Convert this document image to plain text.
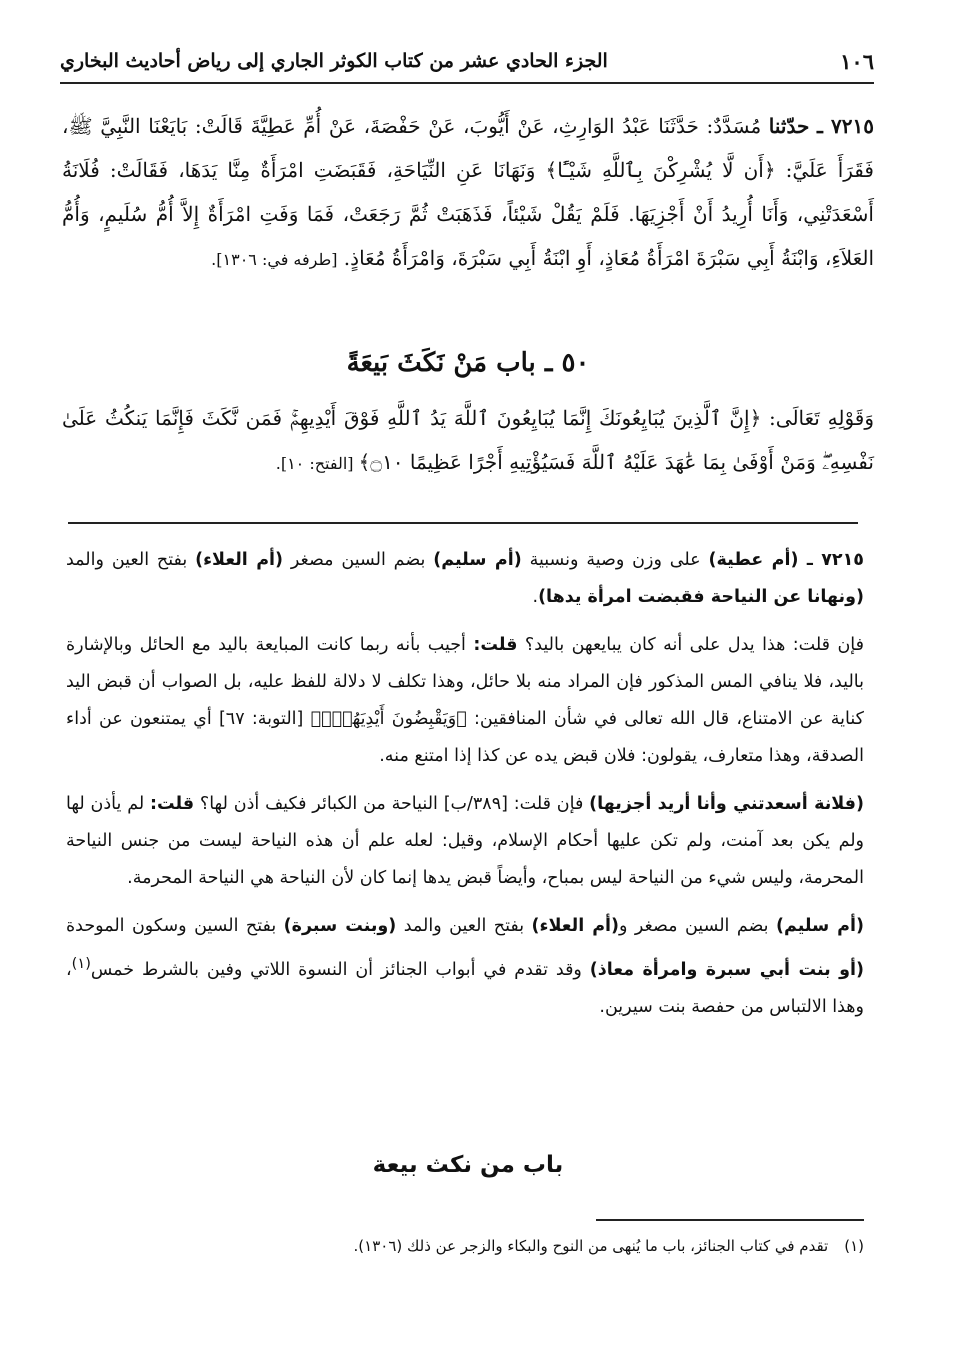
١٠٦
الجزء الحادي عشر من كتاب الكوثر الجاري إلى رياض أحاديث البخاري
٧٢١٥ ـ حدّثنا مُسَدَّدٌ: حَدَّثَنَا عَبْدُ الوَارِثِ، عَنْ أَيُّوبَ، عَنْ حَفْصَةَ، عَنْ أُمِّ عَطِيَّةَ قَالَتْ: بَايَعْنَا النَّبِيَّ ﷺ، فَقَرَأَ عَلَيَّ: ﴿أَن لَّا يُشْرِكْنَ بِٱللَّهِ شَيْـًٔا﴾ وَنَهَانَا عَنِ النِّيَاحَةِ، فَقَبَضَتِ امْرَأَةٌ مِنَّا يَدَهَا، فَقَالَتْ: فُلَانَةُ أَسْعَدَتْنِي، وَأَنَا أُرِيدُ أَنْ أَجْزِيَهَا. فَلَمْ يَقُلْ شَيْئاً، فَذَهَبَتْ ثُمَّ رَجَعَتْ، فَمَا وَفَتِ امْرَأَةٌ إِلاَّ أُمُّ سُلَيمٍ، وَأُمُّ العَلاَءِ، وَابْنَةُ أَبِي سَبْرَةَ امْرَأَةُ مُعَاذٍ، أَوِ ابْنَةُ أَبِي سَبْرَةَ، وَامْرَأَةُ مُعَاذٍ. [طرفه في: ١٣٠٦].
٥٠ ـ باب مَنْ نَكَثَ بَيعَةً
وَقَوْلِهِ تَعَالَى: ﴿إِنَّ ٱلَّذِينَ يُبَايِعُونَكَ إِنَّمَا يُبَايِعُونَ ٱللَّهَ يَدُ ٱللَّهِ فَوْقَ أَيْدِيهِمْۚ فَمَن نَّكَثَ فَإِنَّمَا يَنكُثُ عَلَىٰ نَفْسِهِۦۖ وَمَنْ أَوْفَىٰ بِمَا عَٰهَدَ عَلَيْهُ ٱللَّهَ فَسَيُؤْتِيهِ أَجْرًا عَظِيمًا ۝١٠﴾ [الفتح: ١٠].

٧٢١٥ ـ (أم عطية) على وزن وصية ونسبية (أم سليم) بضم السين مصغر (أم العلاء) بفتح العين والمد (ونهانا عن النياحة فقبضت امرأة يدها).

فإن قلت: هذا يدل على أنه كان يبايعهن باليد؟ قلت: أجيب بأنه ربما كانت المبايعة باليد مع الحائل وبالإشارة باليد، فلا ينافي المس المذكور فإن المراد منه بلا حائل، وهذا تكلف لا دلالة للفظ عليه، بل الصواب أن قبض اليد كناية عن الامتناع، قال الله تعالى في شأن المنافقين: ﴿وَيَقْبِضُونَ أَيْدِيَهُمْۚ﴾ [التوبة: ٦٧] أي يمتنعون عن أداء الصدقة، وهذا متعارف، يقولون: فلان قبض يده عن كذا إذا امتنع منه.

(فلانة أسعدتني وأنا أريد أجزيها) فإن قلت: [٣٨٩/ب] النياحة من الكبائر فكيف أذن لها؟ قلت: لم يأذن لها ولم يكن بعد آمنت، ولم تكن عليها أحكام الإسلام، وقيل: لعله علم أن هذه النياحة ليست من جنس النياحة المحرمة، وليس شيء من النياحة ليس بمباح، وأيضاً قبض يدها إنما كان لأن النياحة هي النياحة المحرمة.

(أم سليم) بضم السين مصغر و(أم العلاء) بفتح العين والمد (وبنت سبرة) بفتح السين وسكون الموحدة (أو بنت أبي سبرة وامرأة معاذ) وقد تقدم في أبواب الجنائز أن النسوة اللاتي وفين بالشرط خمس$^{(١)}$، وهذا الالتباس من حفصة بنت سيرين.

باب من نكث بيعة
(١)تقدم في كتاب الجنائز، باب ما يُنهى من النوح والبكاء والزجر عن ذلك (١٣٠٦).
